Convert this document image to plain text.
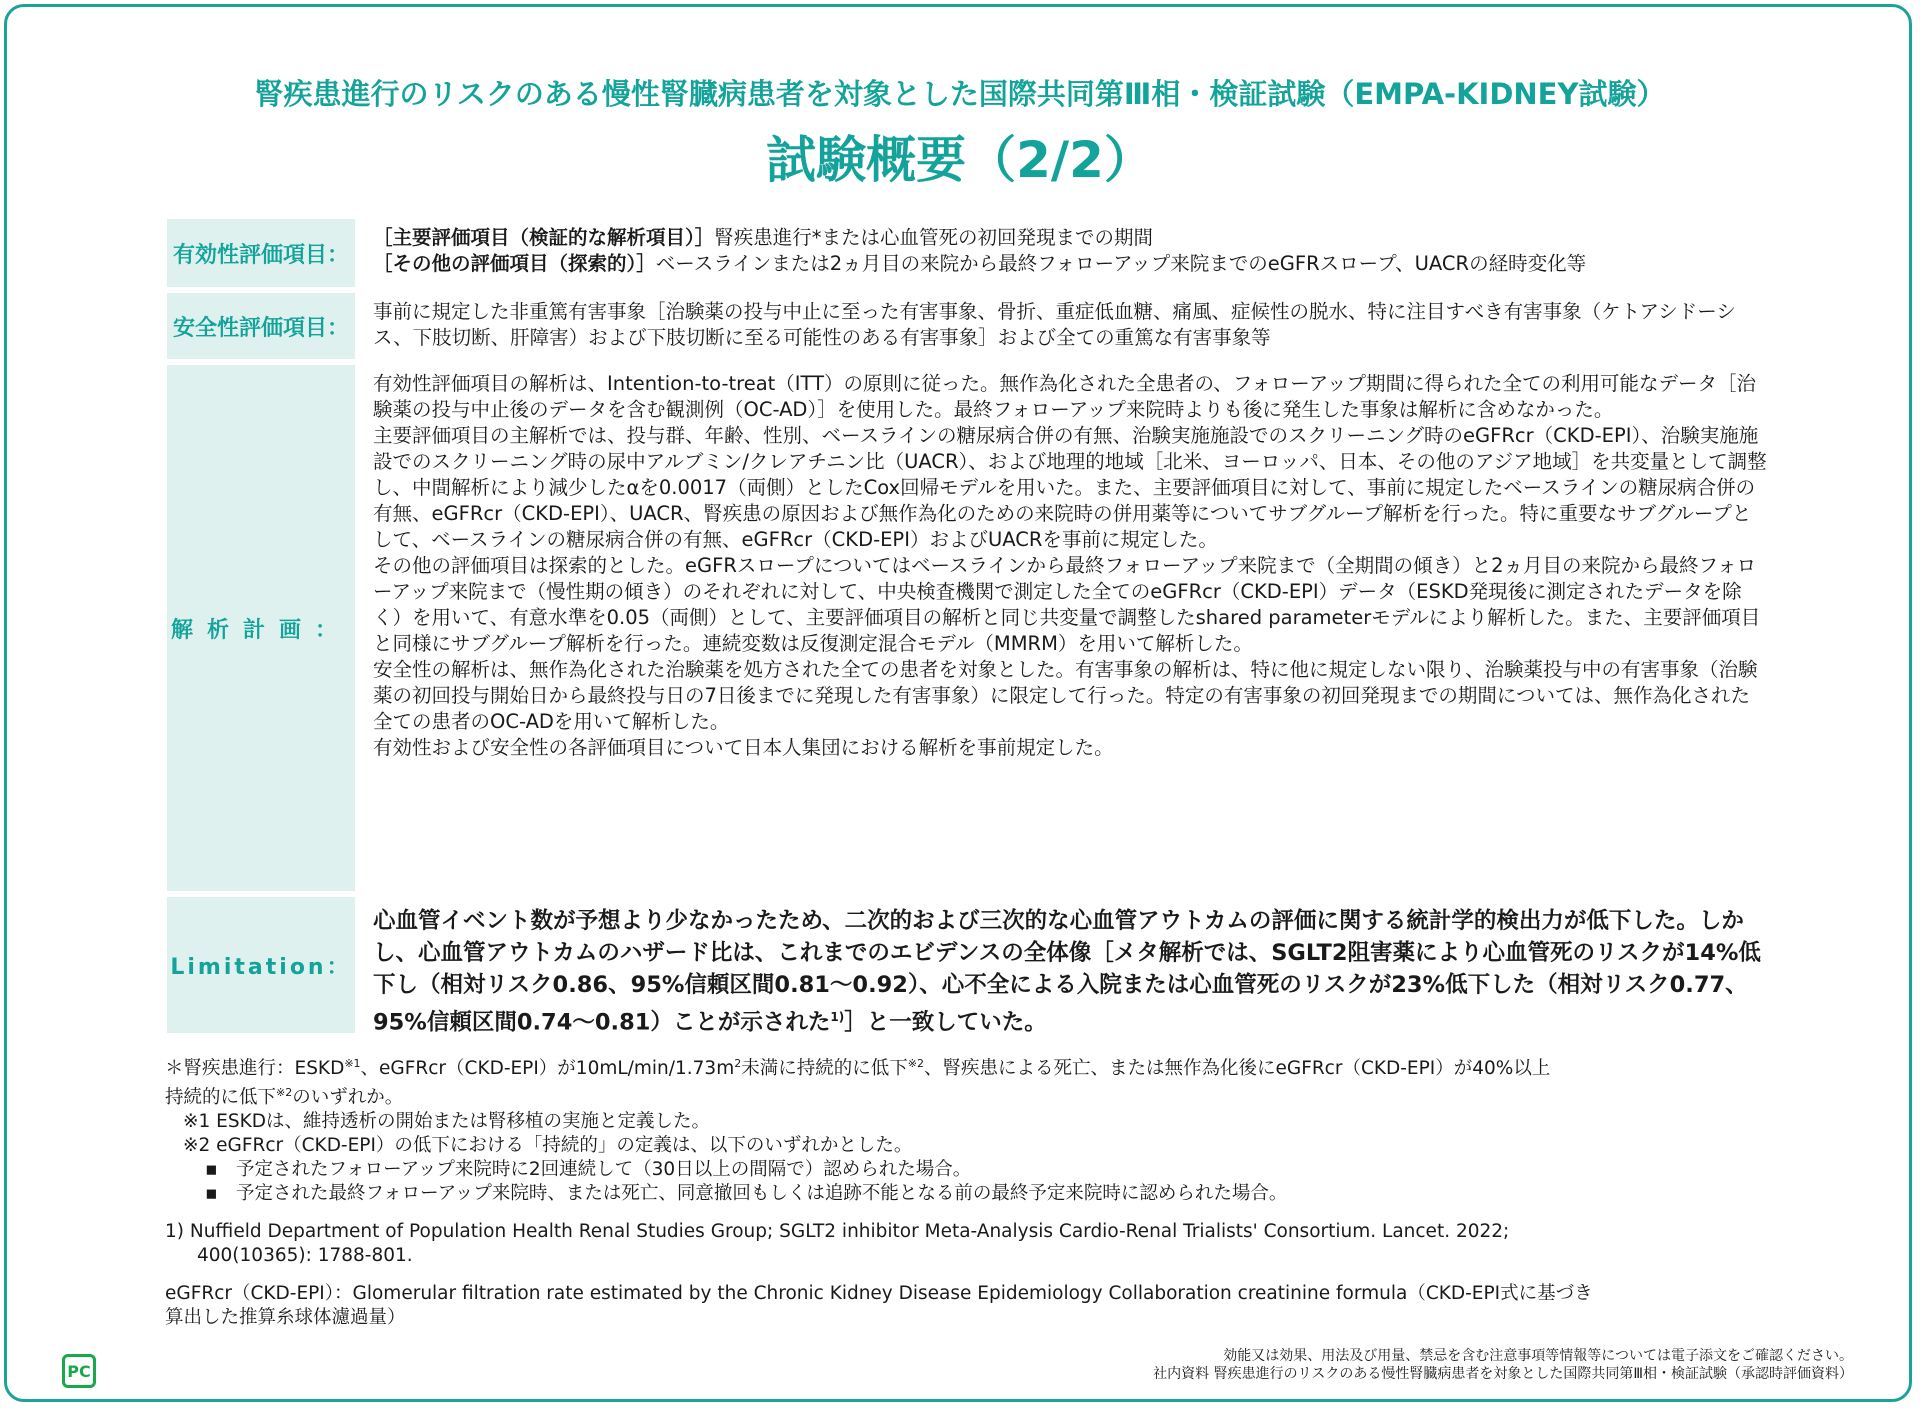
腎疾患進行のリスクのある慢性腎臓病患者を対象とした国際共同第Ⅲ相・検証試験（EMPA-KIDNEY試験）
試験概要（2/2）
有効性評価項目：

［主要評価項目（検証的な解析項目）］腎疾患進行*または心血管死の初回発現までの期間

［その他の評価項目（探索的）］ベースラインまたは2ヵ月目の来院から最終フォローアップ来院までのeGFRスロープ、UACRの経時変化等

安全性評価項目：

事前に規定した非重篤有害事象［治験薬の投与中止に至った有害事象、骨折、重症低血糖、痛風、症候性の脱水、特に注目すべき有害事象（ケトアシドーシス、下肢切断、肝障害）および下肢切断に至る可能性のある有害事象］および全ての重篤な有害事象等

解析計画：

有効性評価項目の解析は、Intention-to-treat（ITT）の原則に従った。無作為化された全患者の、フォローアップ期間に得られた全ての利用可能なデータ［治験薬の投与中止後のデータを含む観測例（OC-AD）］を使用した。最終フォローアップ来院時よりも後に発生した事象は解析に含めなかった。

主要評価項目の主解析では、投与群、年齢、性別、ベースラインの糖尿病合併の有無、治験実施施設でのスクリーニング時のeGFRcr（CKD-EPI）、治験実施施設でのスクリーニング時の尿中アルブミン/クレアチニン比（UACR）、および地理的地域［北米、ヨーロッパ、日本、その他のアジア地域］を共変量として調整し、中間解析により減少したαを0.0017（両側）としたCox回帰モデルを用いた。また、主要評価項目に対して、事前に規定したベースラインの糖尿病合併の有無、eGFRcr（CKD-EPI）、UACR、腎疾患の原因および無作為化のための来院時の併用薬等についてサブグループ解析を行った。特に重要なサブグループとして、ベースラインの糖尿病合併の有無、eGFRcr（CKD-EPI）およびUACRを事前に規定した。

その他の評価項目は探索的とした。eGFRスロープについてはベースラインから最終フォローアップ来院まで（全期間の傾き）と2ヵ月目の来院から最終フォローアップ来院まで（慢性期の傾き）のそれぞれに対して、中央検査機関で測定した全てのeGFRcr（CKD-EPI）データ（ESKD発現後に測定されたデータを除く）を用いて、有意水準を0.05（両側）として、主要評価項目の解析と同じ共変量で調整したshared parameterモデルにより解析した。また、主要評価項目と同様にサブグループ解析を行った。連続変数は反復測定混合モデル（MMRM）を用いて解析した。

安全性の解析は、無作為化された治験薬を処方された全ての患者を対象とした。有害事象の解析は、特に他に規定しない限り、治験薬投与中の有害事象（治験薬の初回投与開始日から最終投与日の7日後までに発現した有害事象）に限定して行った。特定の有害事象の初回発現までの期間については、無作為化された全ての患者のOC-ADを用いて解析した。

有効性および安全性の各評価項目について日本人集団における解析を事前規定した。

Limitation：

心血管イベント数が予想より少なかったため、二次的および三次的な心血管アウトカムの評価に関する統計学的検出力が低下した。しかし、心血管アウトカムのハザード比は、これまでのエビデンスの全体像［メタ解析では、SGLT2阻害薬により心血管死のリスクが14%低下し（相対リスク0.86、95%信頼区間0.81～0.92）、心不全による入院または心血管死のリスクが23%低下した（相対リスク0.77、95%信頼区間0.74～0.81）ことが示された$^{1)}$］と一致していた。

＊腎疾患進行：ESKD$^{※1}$、eGFRcr（CKD-EPI）が$10mL/\min/1.73m^2$未満に持続的に低下$^{※2}$、腎疾患による死亡、または無作為化後にeGFRcr（CKD-EPI）が40%以上

持続的に低下$^{※2}$のいずれか。

※1 ESKDは、維持透析の開始または腎移植の実施と定義した。

※2 eGFRcr（CKD-EPI）の低下における「持続的」の定義は、以下のいずれかとした。

▪　予定されたフォローアップ来院時に2回連続して（30日以上の間隔で）認められた場合。

▪　予定された最終フォローアップ来院時、または死亡、同意撤回もしくは追跡不能となる前の最終予定来院時に認められた場合。

1) Nuffield Department of Population Health Renal Studies Group; SGLT2 inhibitor Meta-Analysis Cardio-Renal Trialists' Consortium. Lancet. 2022;

400(10365): 1788-801.

eGFRcr（CKD-EPI）：Glomerular filtration rate estimated by the Chronic Kidney Disease Epidemiology Collaboration creatinine formula（CKD-EPI式に基づき

算出した推算糸球体濾過量）

PC

効能又は効果、用法及び用量、禁忌を含む注意事項等情報等については電子添文をご確認ください。

社内資料 腎疾患進行のリスクのある慢性腎臓病患者を対象とした国際共同第Ⅲ相・検証試験（承認時評価資料）
